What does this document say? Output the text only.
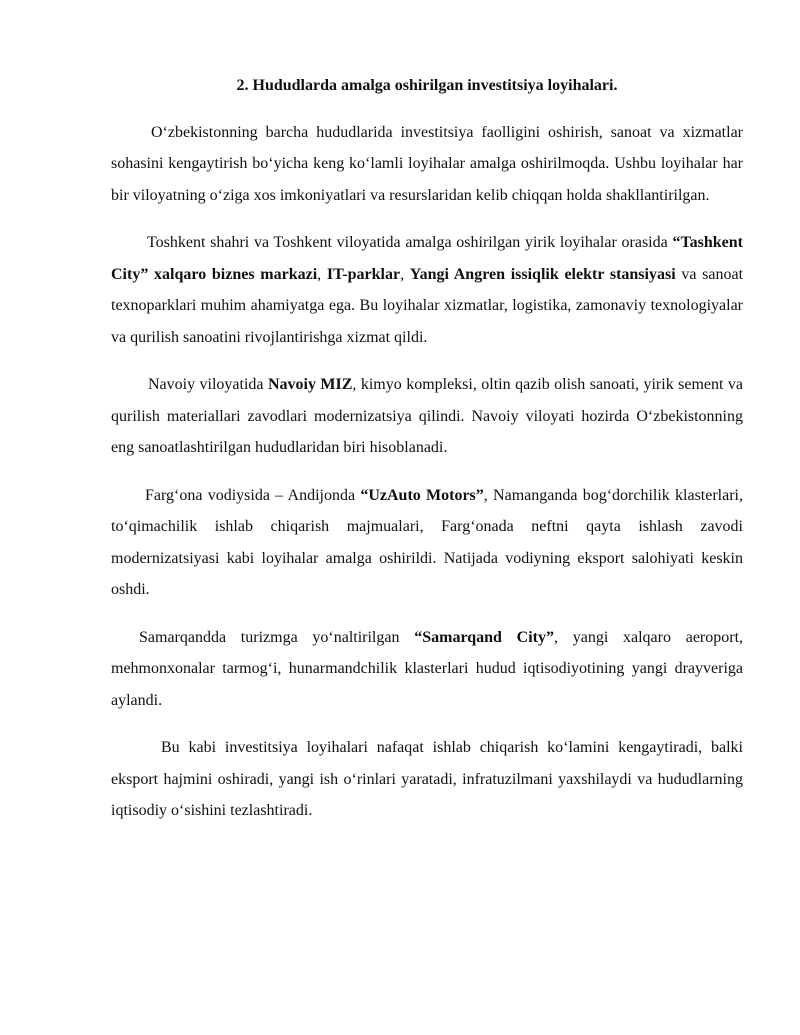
2. Hududlarda amalga oshirilgan investitsiya loyihalari.

O‘zbekistonning barcha hududlarida investitsiya faolligini oshirish, sanoat va xizmatlar sohasini kengaytirish bo‘yicha keng ko‘lamli loyihalar amalga oshirilmoqda. Ushbu loyihalar har bir viloyatning o‘ziga xos imkoniyatlari va resurslaridan kelib chiqqan holda shakllantirilgan.

Toshkent shahri va Toshkent viloyatida amalga oshirilgan yirik loyihalar orasida “Tashkent City” xalqaro biznes markazi, IT-parklar, Yangi Angren issiqlik elektr stansiyasi va sanoat texnoparklari muhim ahamiyatga ega. Bu loyihalar xizmatlar, logistika, zamonaviy texnologiyalar va qurilish sanoatini rivojlantirishga xizmat qildi.

Navoiy viloyatida Navoiy MIZ, kimyo kompleksi, oltin qazib olish sanoati, yirik sement va qurilish materiallari zavodlari modernizatsiya qilindi. Navoiy viloyati hozirda O‘zbekistonning eng sanoatlashtirilgan hududlaridan biri hisoblanadi.

Farg‘ona vodiysida – Andijonda “UzAuto Motors”, Namanganda bog‘dorchilik klasterlari, to‘qimachilik ishlab chiqarish majmualari, Farg‘onada neftni qayta ishlash zavodi modernizatsiyasi kabi loyihalar amalga oshirildi. Natijada vodiyning eksport salohiyati keskin oshdi.

Samarqandda turizmga yo‘naltirilgan “Samarqand City”, yangi xalqaro aeroport, mehmonxonalar tarmog‘i, hunarmandchilik klasterlari hudud iqtisodiyotining yangi drayveriga aylandi.

Bu kabi investitsiya loyihalari nafaqat ishlab chiqarish ko‘lamini kengaytiradi, balki eksport hajmini oshiradi, yangi ish o‘rinlari yaratadi, infratuzilmani yaxshilaydi va hududlarning iqtisodiy o‘sishini tezlashtiradi.
